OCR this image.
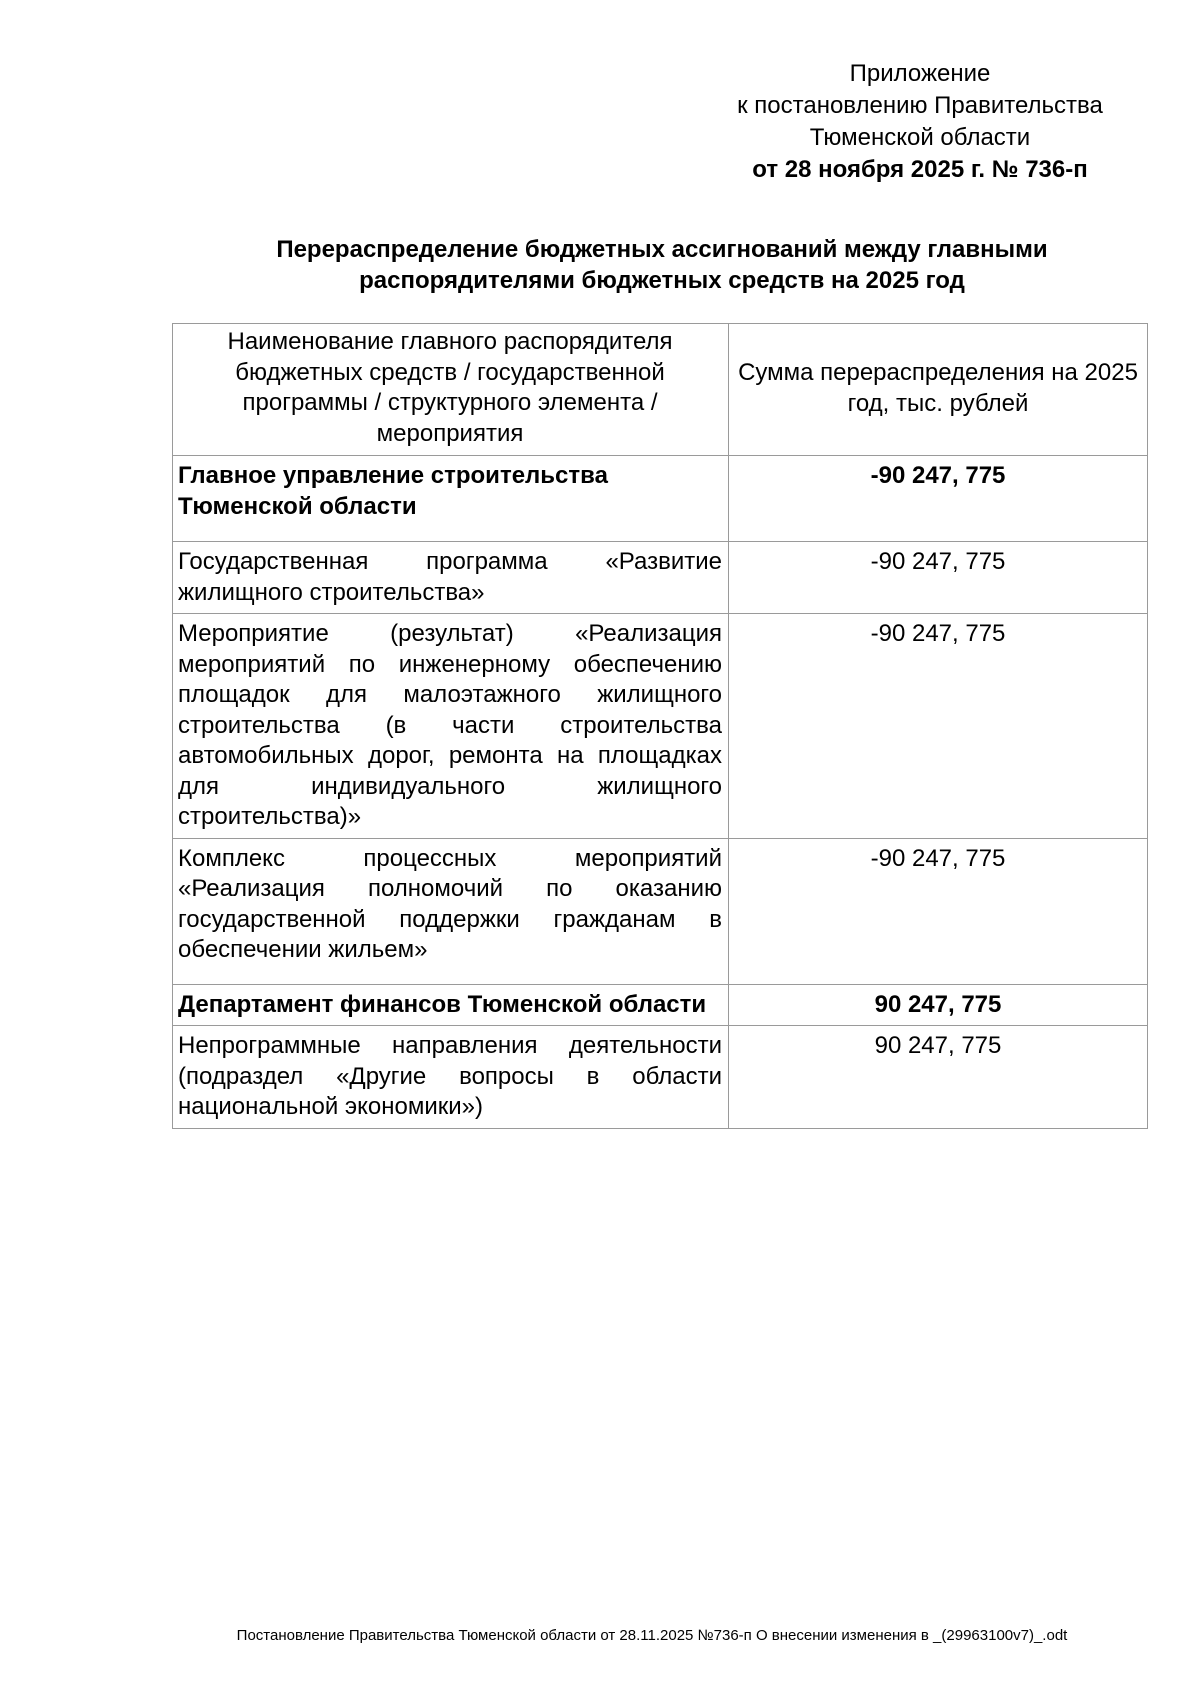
Приложение
к постановлению Правительства
Тюменской области
от 28 ноября 2025 г. № 736-п
Перераспределение бюджетных ассигнований между главными
распорядителями бюджетных средств на 2025 год
Наименование главного распорядителя бюджетных средств / государственной программы / структурного элемента / мероприятия	Сумма перераспределения на 2025 год, тыс. рублей

Главное управление строительства Тюменской области	-90 247, 775

Государственная программа «Развитие жилищного строительства»	-90 247, 775

Мероприятие (результат) «Реализация мероприятий по инженерному обеспечению площадок для малоэтажного жилищного строительства (в части строительства автомобильных дорог, ремонта на площадках для индивидуального жилищного строительства)»	-90 247, 775

Комплекс процессных мероприятий «Реализация полномочий по оказанию государственной поддержки гражданам в обеспечении жильем»	-90 247, 775

Департамент финансов Тюменской области	90 247, 775

Непрограммные направления деятельности (подраздел «Другие вопросы в области национальной экономики»)	90 247, 775
Постановление Правительства Тюменской области от 28.11.2025 №736-п О внесении изменения в _(29963100v7)_.odt
